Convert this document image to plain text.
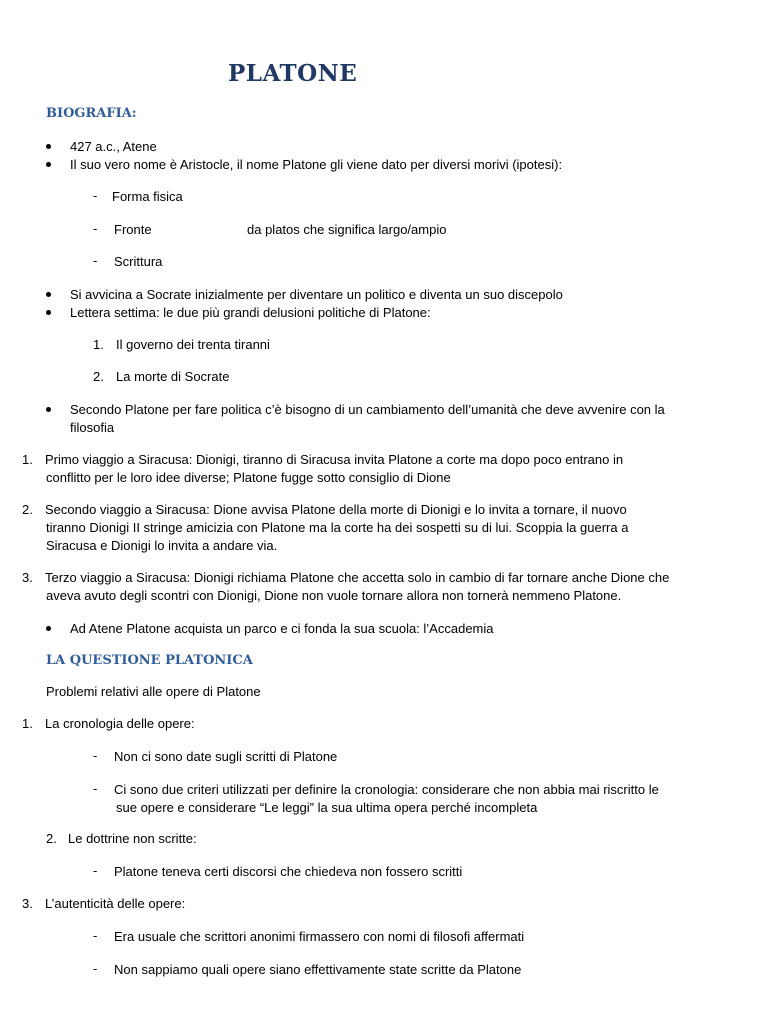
PLATONE
BIOGRAFIA:
427 a.c., Atene
Il suo vero nome è Aristocle, il nome Platone gli viene dato per diversi morivi (ipotesi):
- Forma fisica
- Fronte	da platos che significa largo/ampio
- Scrittura
Si avvicina a Socrate inizialmente per diventare un politico e diventa un suo discepolo
Lettera settima: le due più grandi delusioni politiche di Platone:
1. Il governo dei trenta tiranni
2. La morte di Socrate
Secondo Platone per fare politica c’è bisogno di un cambiamento dell’umanità che deve avvenire con la
filosofia
1. Primo viaggio a Siracusa: Dionigi, tiranno di Siracusa invita Platone a corte ma dopo poco entrano in
conflitto per le loro idee diverse; Platone fugge sotto consiglio di Dione
2. Secondo viaggio a Siracusa: Dione avvisa Platone della morte di Dionigi e lo invita a tornare, il nuovo
tiranno Dionigi II stringe amicizia con Platone ma la corte ha dei sospetti su di lui. Scoppia la guerra a
Siracusa e Dionigi lo invita a andare via.
3. Terzo viaggio a Siracusa: Dionigi richiama Platone che accetta solo in cambio di far tornare anche Dione che
aveva avuto degli scontri con Dionigi, Dione non vuole tornare allora non tornerà nemmeno Platone.
Ad Atene Platone acquista un parco e ci fonda la sua scuola: l’Accademia
LA QUESTIONE PLATONICA
Problemi relativi alle opere di Platone
1. La cronologia delle opere:
- Non ci sono date sugli scritti di Platone
- Ci sono due criteri utilizzati per definire la cronologia: considerare che non abbia mai riscritto le
sue opere e considerare “Le leggi” la sua ultima opera perché incompleta
2. Le dottrine non scritte:
- Platone teneva certi discorsi che chiedeva non fossero scritti
3. L’autenticità delle opere:
- Era usuale che scrittori anonimi firmassero con nomi di filosofi affermati
- Non sappiamo quali opere siano effettivamente state scritte da Platone
